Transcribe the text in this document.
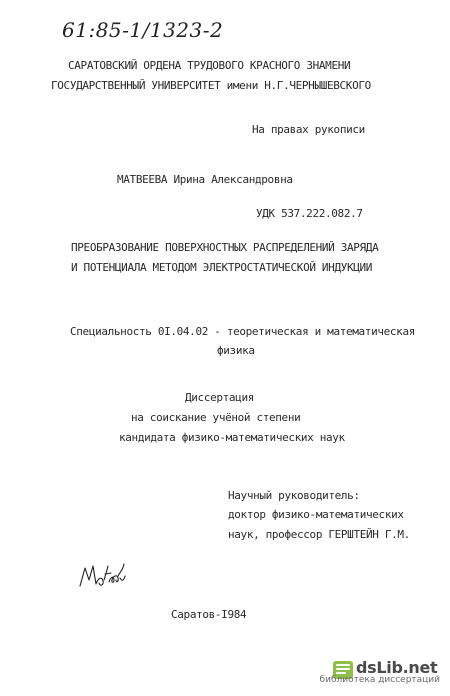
61:85-1/1323-2
САРАТОВСКИЙ ОРДЕНА ТРУДОВОГО КРАСНОГО ЗНАМЕНИ
ГОСУДАРСТВЕННЫЙ УНИВЕРСИТЕТ имени Н.Г.ЧЕРНЫШЕВСКОГО
На правах рукописи
МАТВЕЕВА Ирина Александровна
УДК 537.222.082.7
ПРЕОБРАЗОВАНИЕ ПОВЕРХНОСТНЫХ РАСПРЕДЕЛЕНИЙ ЗАРЯДА
И ПОТЕНЦИАЛА МЕТОДОМ ЭЛЕКТРОСТАТИЧЕСКОЙ ИНДУКЦИИ
Специальность 0I.04.02 - теоретическая и математическая
физика
Диссертация
на соискание учёной степени
кандидата физико-математических наук
Научный руководитель:
доктор физико-математических
наук, профессор ГЕРШТЕЙН Г.М.
Саратов-I984
dsLib.net
библиотека диссертаций
